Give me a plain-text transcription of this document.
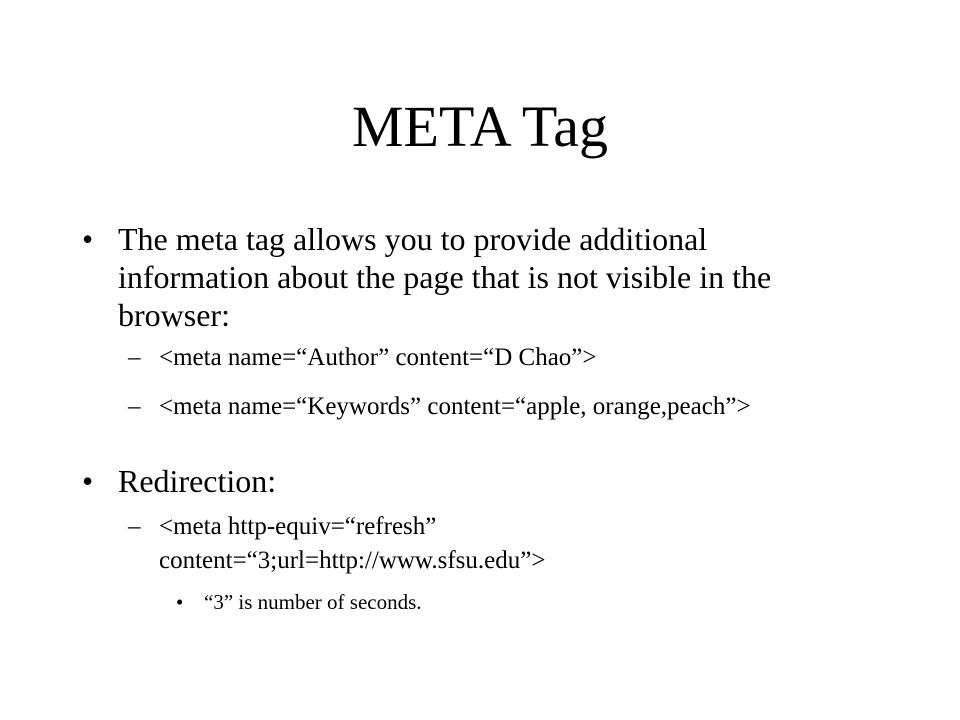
META Tag
• The meta tag allows you to provide additional information about the page that is not visible in the browser:
– <meta name=“Author” content=“D Chao”>
– <meta name=“Keywords” content=“apple, orange,peach”>
• Redirection:
– <meta http-equiv=“refresh” content=“3;url=http://www.sfsu.edu”>
• “3” is number of seconds.
